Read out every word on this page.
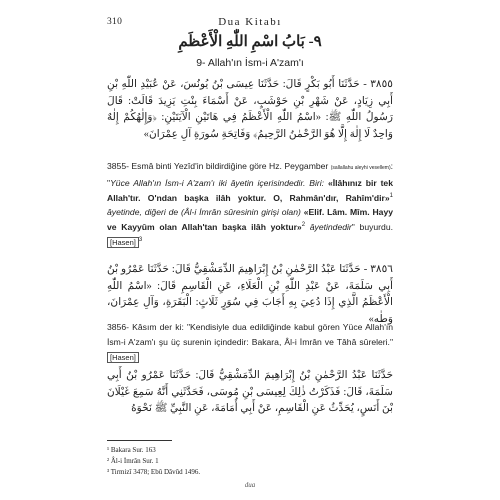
310	Dua Kitabı
٩- بَابُ اسْمِ اللّٰهِ الْأَعْظَمِ
9- Allah'ın İsm-i A'zam'ı
٣٨٥٥ - حَدَّثَنَا أَبُو بَكْرٍ قَالَ: حَدَّثَنَا عِيسَى بْنُ يُونُسَ، عَنْ عُبَيْدِ اللّٰهِ بْنِ أَبِي زِيَادٍ، عَنْ شَهْرِ بْنِ حَوْشَبٍ، عَنْ أَسْمَاءَ بِنْتِ يَزِيدَ قَالَتْ: قَالَ رَسُولُ اللّٰهِ ﷺ: «اسْمُ اللّٰهِ الْأَعْظَمُ فِي هَاتَيْنِ الْآيَتَيْنِ: ﴿وَإِلٰهُكُمْ إِلٰهٌ وَاحِدٌ لَا إِلٰهَ إِلَّا هُوَ الرَّحْمٰنُ الرَّحِيمُ﴾ وَفَاتِحَةِ سُورَةِ آلِ عِمْرَانَ»
3855- Esmâ binti Yezîd'in bildirdiğine göre Hz. Peygamber (sallallahu aleyhi vesellem): "Yüce Allah'ın İsm-i A'zam'ı iki âyetin içerisindedir. Biri: «İlâhınız bir tek Allah'tır. O'ndan başka ilâh yoktur. O, Rahmân'dır, Rahîm'dir»$^1$ âyetinde, diğeri de (Âl-i İmrân sûresinin girişi olan) «Elif. Lâm. Mîm. Hayy ve Kayyûm olan Allah'tan başka ilâh yoktur»$^2$ âyetindedir" buyurdu. [Hasen] $^3$
٣٨٥٦ - حَدَّثَنَا عَبْدُ الرَّحْمٰنِ بْنُ إِبْرَاهِيمَ الدِّمَشْقِيُّ قَالَ: حَدَّثَنَا عَمْرُو بْنُ أَبِي سَلَمَةَ، عَنْ عَبْدِ اللّٰهِ بْنِ الْعَلَاءِ، عَنِ الْقَاسِمِ قَالَ: «اسْمُ اللّٰهِ الْأَعْظَمُ الَّذِي إِذَا دُعِيَ بِهِ أَجَابَ فِي سُوَرٍ ثَلَاثٍ: الْبَقَرَةِ، وَآلِ عِمْرَانَ، وَطٰه»
3856- Kâsım der ki: "Kendisiyle dua edildiğinde kabul gören Yüce Allah'ın İsm-i A'zam'ı şu üç surenin içindedir: Bakara, Âl-i İmrân ve Tâhâ sûreleri." [Hasen]
حَدَّثَنَا عَبْدُ الرَّحْمٰنِ بْنُ إِبْرَاهِيمَ الدِّمَشْقِيُّ قَالَ: حَدَّثَنَا عَمْرُو بْنُ أَبِي سَلَمَةَ، قَالَ: فَذَكَرْتُ ذٰلِكَ لِعِيسَى بْنِ مُوسَى، فَحَدَّثَنِي أَنَّهُ سَمِعَ غَيْلَانَ بْنَ أَنَسٍ، يُحَدِّثُ عَنِ الْقَاسِمِ، عَنْ أَبِي أُمَامَةَ، عَنِ النَّبِيِّ ﷺ نَحْوَهُ
¹ Bakara Sur. 163
² Âl-i İmrân Sur. 1
³ Tirmizî 3478; Ebû Dâvûd 1496.
dua
